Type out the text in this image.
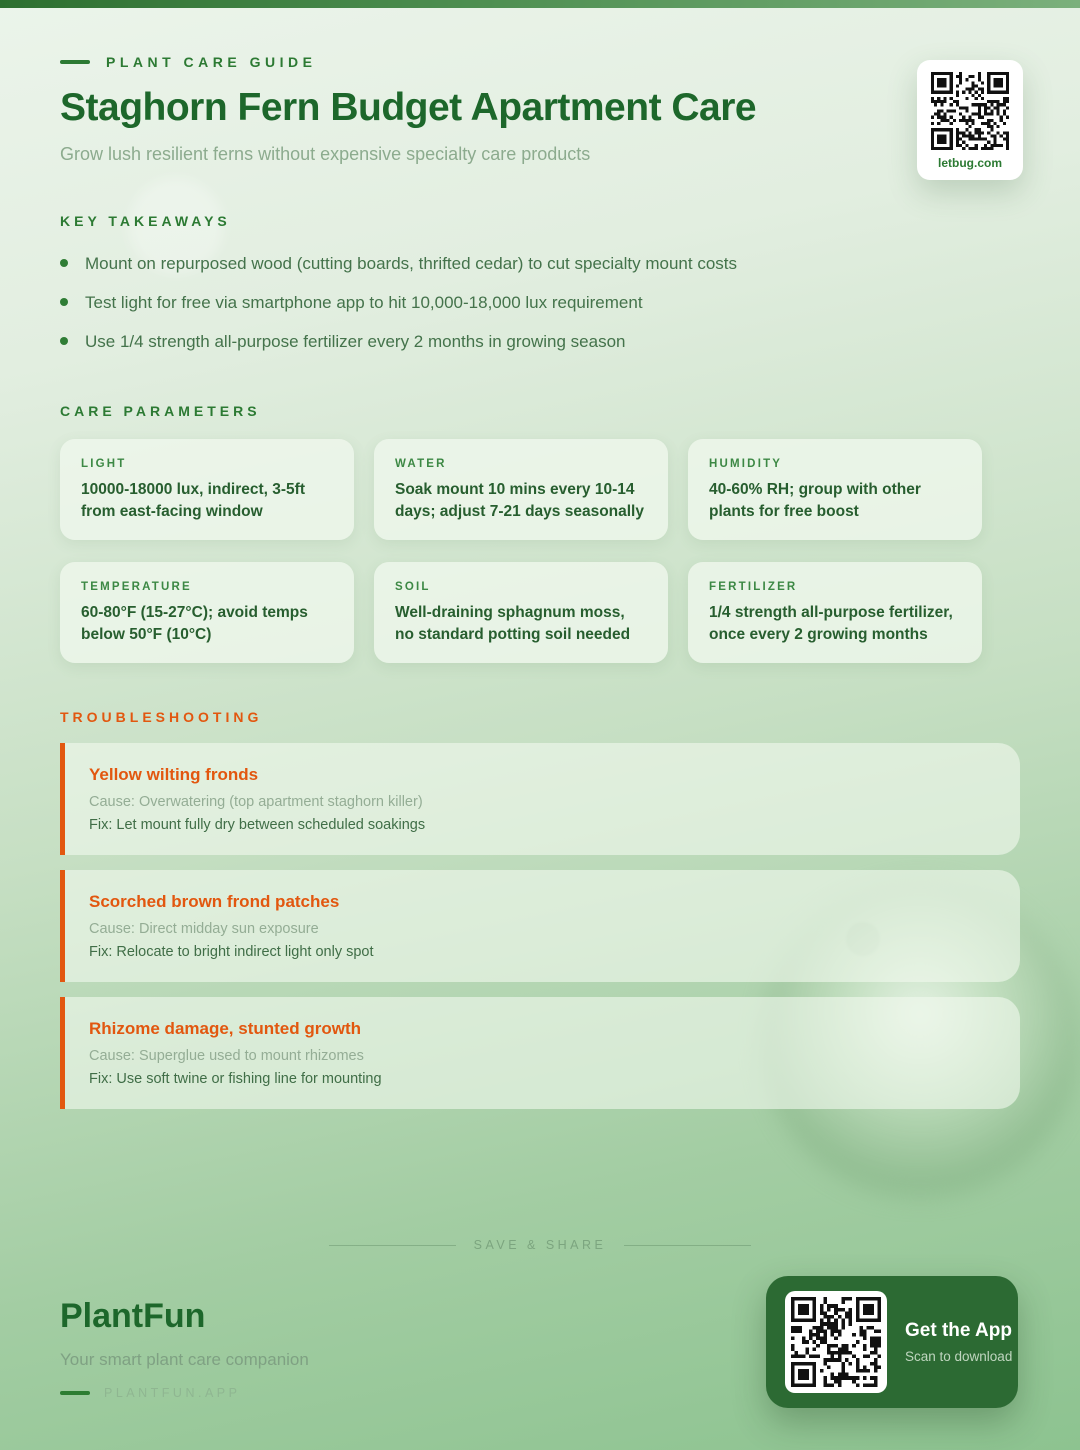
letbug.com
PLANT CARE GUIDE
Staghorn Fern Budget Apartment Care
Grow lush resilient ferns without expensive specialty care products
KEY TAKEAWAYS
Mount on repurposed wood (cutting boards, thrifted cedar) to cut specialty mount costs
Test light for free via smartphone app to hit 10,000-18,000 lux requirement
Use 1/4 strength all-purpose fertilizer every 2 months in growing season
CARE PARAMETERS
LIGHT
10000-18000 lux, indirect, 3-5ft from east-facing window
WATER
Soak mount 10 mins every 10-14 days; adjust 7-21 days seasonally
HUMIDITY
40-60% RH; group with other plants for free boost
TEMPERATURE
60-80°F (15-27°C); avoid temps below 50°F (10°C)
SOIL
Well-draining sphagnum moss, no standard potting soil needed
FERTILIZER
1/4 strength all-purpose fertilizer, once every 2 growing months
TROUBLESHOOTING
Yellow wilting fronds
Cause: Overwatering (top apartment staghorn killer)
Fix: Let mount fully dry between scheduled soakings
Scorched brown frond patches
Cause: Direct midday sun exposure
Fix: Relocate to bright indirect light only spot
Rhizome damage, stunted growth
Cause: Superglue used to mount rhizomes
Fix: Use soft twine or fishing line for mounting
SAVE & SHARE
PlantFun
Your smart plant care companion
PLANTFUN.APP
Get the App
Scan to download
